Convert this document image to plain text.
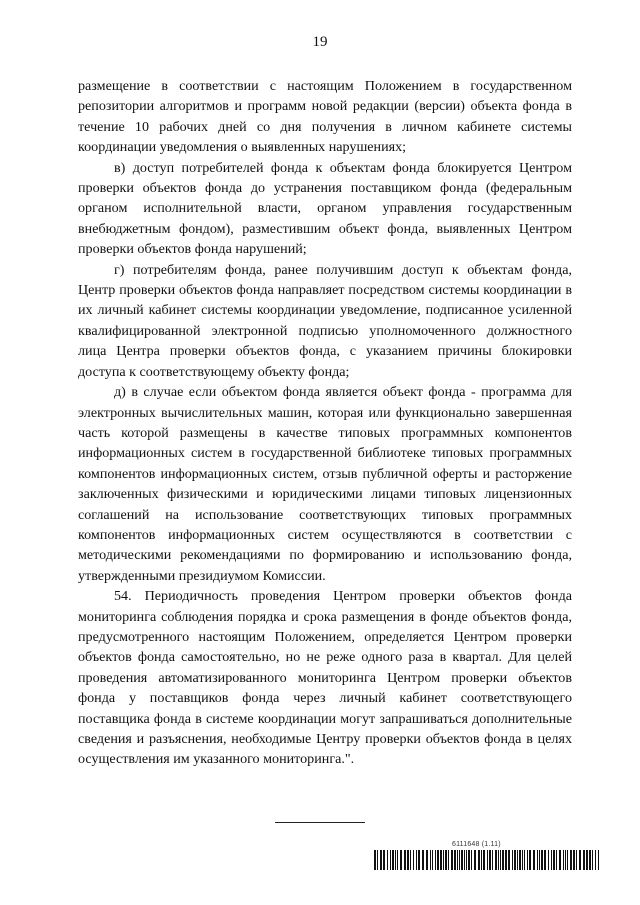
19

размещение в соответствии с настоящим Положением в государственном репозитории алгоритмов и программ новой редакции (версии) объекта фонда в течение 10 рабочих дней со дня получения в личном кабинете системы координации уведомления о выявленных нарушениях;

в) доступ потребителей фонда к объектам фонда блокируется Центром проверки объектов фонда до устранения поставщиком фонда (федеральным органом исполнительной власти, органом управления государственным внебюджетным фондом), разместившим объект фонда, выявленных Центром проверки объектов фонда нарушений;

г) потребителям фонда, ранее получившим доступ к объектам фонда, Центр проверки объектов фонда направляет посредством системы координации в их личный кабинет системы координации уведомление, подписанное усиленной квалифицированной электронной подписью уполномоченного должностного лица Центра проверки объектов фонда, с указанием причины блокировки доступа к соответствующему объекту фонда;

д) в случае если объектом фонда является объект фонда - программа для электронных вычислительных машин, которая или функционально завершенная часть которой размещены в качестве типовых программных компонентов информационных систем в государственной библиотеке типовых программных компонентов информационных систем, отзыв публичной оферты и расторжение заключенных физическими и юридическими лицами типовых лицензионных соглашений на использование соответствующих типовых программных компонентов информационных систем осуществляются в соответствии с методическими рекомендациями по формированию и использованию фонда, утвержденными президиумом Комиссии.

54. Периодичность проведения Центром проверки объектов фонда мониторинга соблюдения порядка и срока размещения в фонде объектов фонда, предусмотренного настоящим Положением, определяется Центром проверки объектов фонда самостоятельно, но не реже одного раза в квартал. Для целей проведения автоматизированного мониторинга Центром проверки объектов фонда у поставщиков фонда через личный кабинет соответствующего поставщика фонда в системе координации могут запрашиваться дополнительные сведения и разъяснения, необходимые Центру проверки объектов фонда в целях осуществления им указанного мониторинга.".

6111648 (1.11)
